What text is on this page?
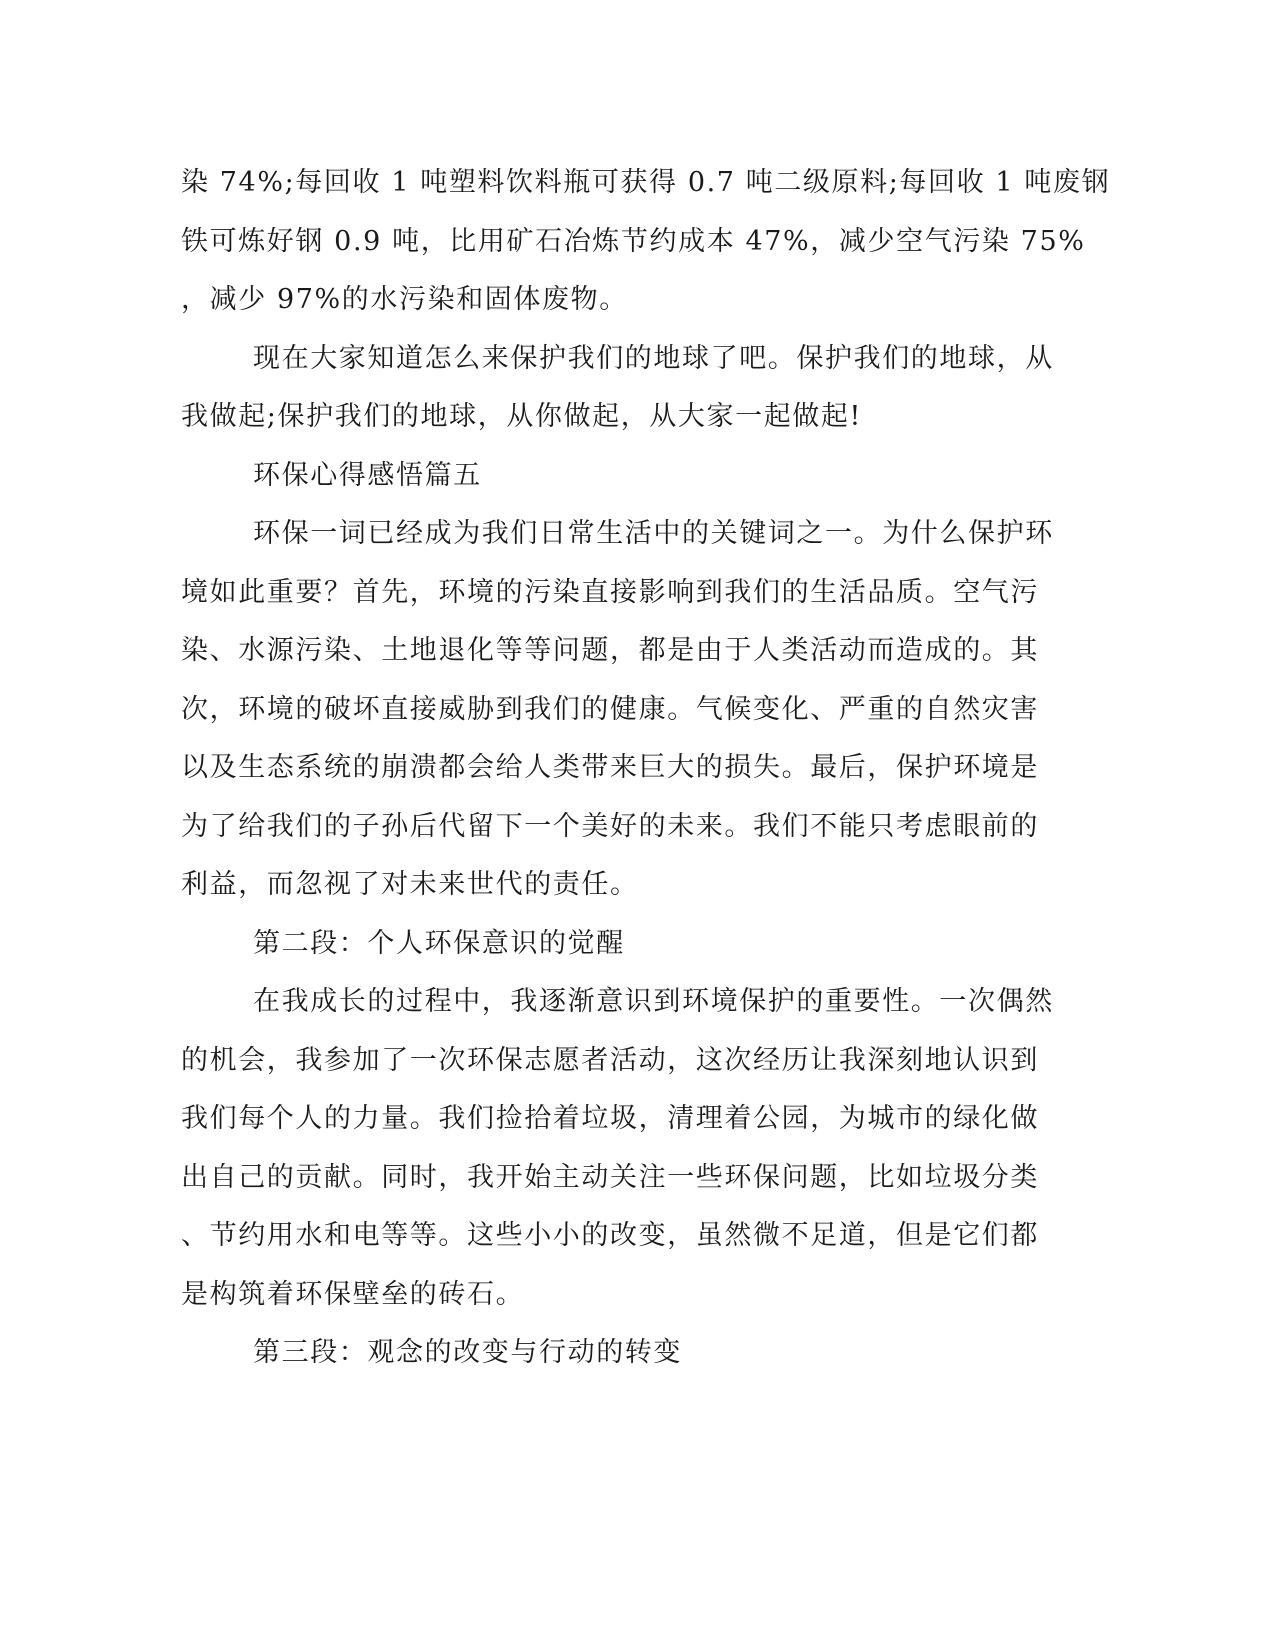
染 74%;每回收 1 吨塑料饮料瓶可获得 0.7 吨二级原料;每回收 1 吨废钢
铁可炼好钢 0.9 吨，比用矿石冶炼节约成本 47%，减少空气污染 75%
，减少 97%的水污染和固体废物。
现在大家知道怎么来保护我们的地球了吧。保护我们的地球，从
我做起;保护我们的地球，从你做起，从大家一起做起!
环保心得感悟篇五
环保一词已经成为我们日常生活中的关键词之一。为什么保护环
境如此重要？首先，环境的污染直接影响到我们的生活品质。空气污
染、水源污染、土地退化等等问题，都是由于人类活动而造成的。其
次，环境的破坏直接威胁到我们的健康。气候变化、严重的自然灾害
以及生态系统的崩溃都会给人类带来巨大的损失。最后，保护环境是
为了给我们的子孙后代留下一个美好的未来。我们不能只考虑眼前的
利益，而忽视了对未来世代的责任。
第二段：个人环保意识的觉醒
在我成长的过程中，我逐渐意识到环境保护的重要性。一次偶然
的机会，我参加了一次环保志愿者活动，这次经历让我深刻地认识到
我们每个人的力量。我们捡拾着垃圾，清理着公园，为城市的绿化做
出自己的贡献。同时，我开始主动关注一些环保问题，比如垃圾分类
、节约用水和电等等。这些小小的改变，虽然微不足道，但是它们都
是构筑着环保壁垒的砖石。
第三段：观念的改变与行动的转变
